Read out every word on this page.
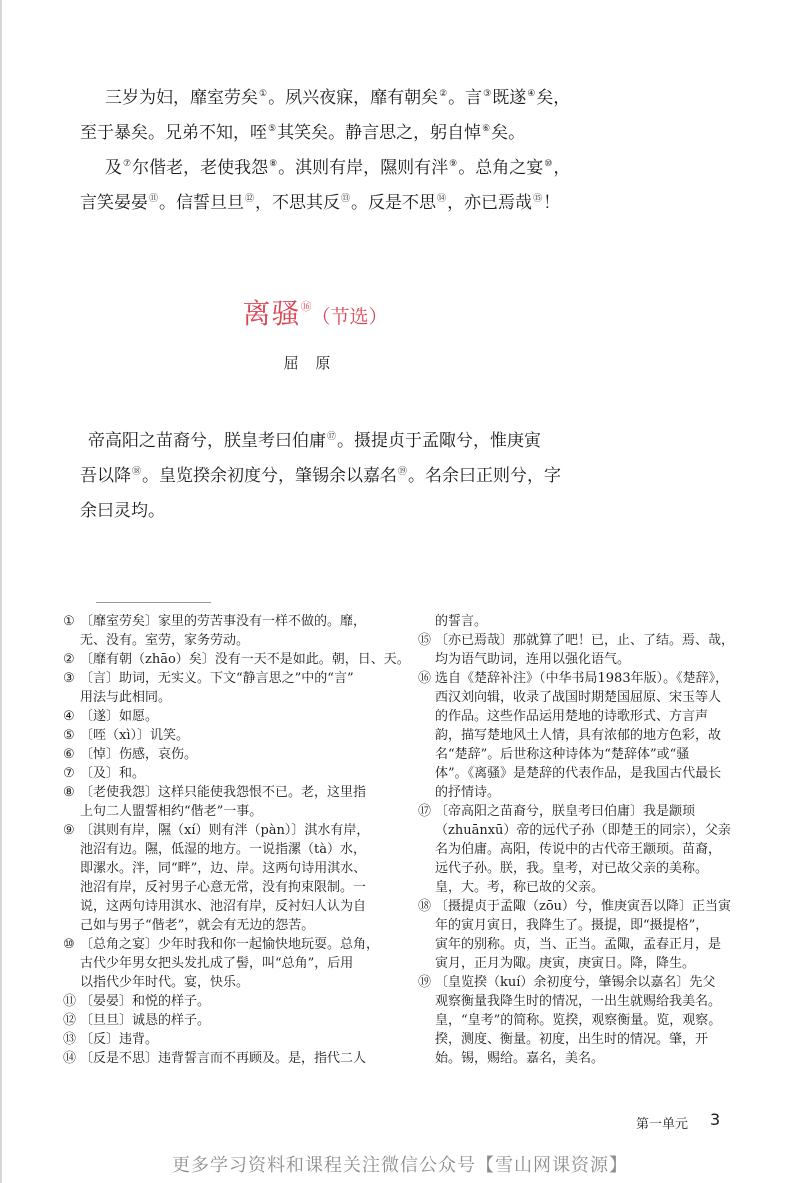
三岁为妇，靡室劳矣①。夙兴夜寐，靡有朝矣②。言③既遂④矣，
至于暴矣。兄弟不知，咥⑤其笑矣。静言思之，躬自悼⑥矣。
及⑦尔偕老，老使我怨⑧。淇则有岸，隰则有泮⑨。总角之宴⑩，
言笑晏晏⑪。信誓旦旦⑫，不思其反⑬。反是不思⑭，亦已焉哉⑮！
离骚⑯（节选）
屈 原
帝高阳之苗裔兮，朕皇考曰伯庸⑰。摄提贞于孟陬兮，惟庚寅
吾以降⑱。皇览揆余初度兮，肇锡余以嘉名⑲。名余曰正则兮，字
余曰灵均。
① 〔靡室劳矣〕家里的劳苦事没有一样不做的。靡，
无、没有。室劳，家务劳动。
② 〔靡有朝（zhāo）矣〕没有一天不是如此。朝，日、天。
③ 〔言〕助词，无实义。下文“静言思之”中的“言”
用法与此相同。
④ 〔遂〕如愿。
⑤ 〔咥（xì）〕讥笑。
⑥ 〔悼〕伤感，哀伤。
⑦ 〔及〕和。
⑧ 〔老使我怨〕这样只能使我怨恨不已。老，这里指
上句二人盟誓相约“偕老”一事。
⑨ 〔淇则有岸，隰（xí）则有泮（pàn）〕淇水有岸，
池沼有边。隰，低湿的地方。一说指漯（tà）水，
即漯水。泮，同“畔”，边、岸。这两句诗用淇水、
池沼有岸，反衬男子心意无常，没有拘束限制。一
说，这两句诗用淇水、池沼有岸，反衬妇人认为自
己如与男子“偕老”，就会有无边的怨苦。
⑩ 〔总角之宴〕少年时我和你一起愉快地玩耍。总角，
古代少年男女把头发扎成了髻，叫“总角”，后用
以指代少年时代。宴，快乐。
⑪ 〔晏晏〕和悦的样子。
⑫ 〔旦旦〕诚恳的样子。
⑬ 〔反〕违背。
⑭ 〔反是不思〕违背誓言而不再顾及。是，指代二人
的誓言。
⑮ 〔亦已焉哉〕那就算了吧！已，止、了结。焉、哉，
均为语气助词，连用以强化语气。
⑯ 选自《楚辞补注》（中华书局1983年版）。《楚辞》，
西汉刘向辑，收录了战国时期楚国屈原、宋玉等人
的作品。这些作品运用楚地的诗歌形式、方言声
韵，描写楚地风土人情，具有浓郁的地方色彩，故
名“楚辞”。后世称这种诗体为“楚辞体”或“骚
体”。《离骚》是楚辞的代表作品，是我国古代最长
的抒情诗。
⑰ 〔帝高阳之苗裔兮，朕皇考曰伯庸〕我是颛顼
（zhuānxū）帝的远代子孙（即楚王的同宗），父亲
名为伯庸。高阳，传说中的古代帝王颛顼。苗裔，
远代子孙。朕，我。皇考，对已故父亲的美称。
皇，大。考，称已故的父亲。
⑱ 〔摄提贞于孟陬（zōu）兮，惟庚寅吾以降〕正当寅
年的寅月寅日，我降生了。摄提，即“摄提格”，
寅年的别称。贞，当、正当。孟陬，孟春正月，是
寅月，正月为陬。庚寅，庚寅日。降，降生。
⑲ 〔皇览揆（kuí）余初度兮，肇锡余以嘉名〕先父
观察衡量我降生时的情况，一出生就赐给我美名。
皇，“皇考”的简称。览揆，观察衡量。览，观察。
揆，测度、衡量。初度，出生时的情况。肇，开
始。锡，赐给。嘉名，美名。
第一单元 3
更多学习资料和课程关注微信公众号【雪山网课资源】
